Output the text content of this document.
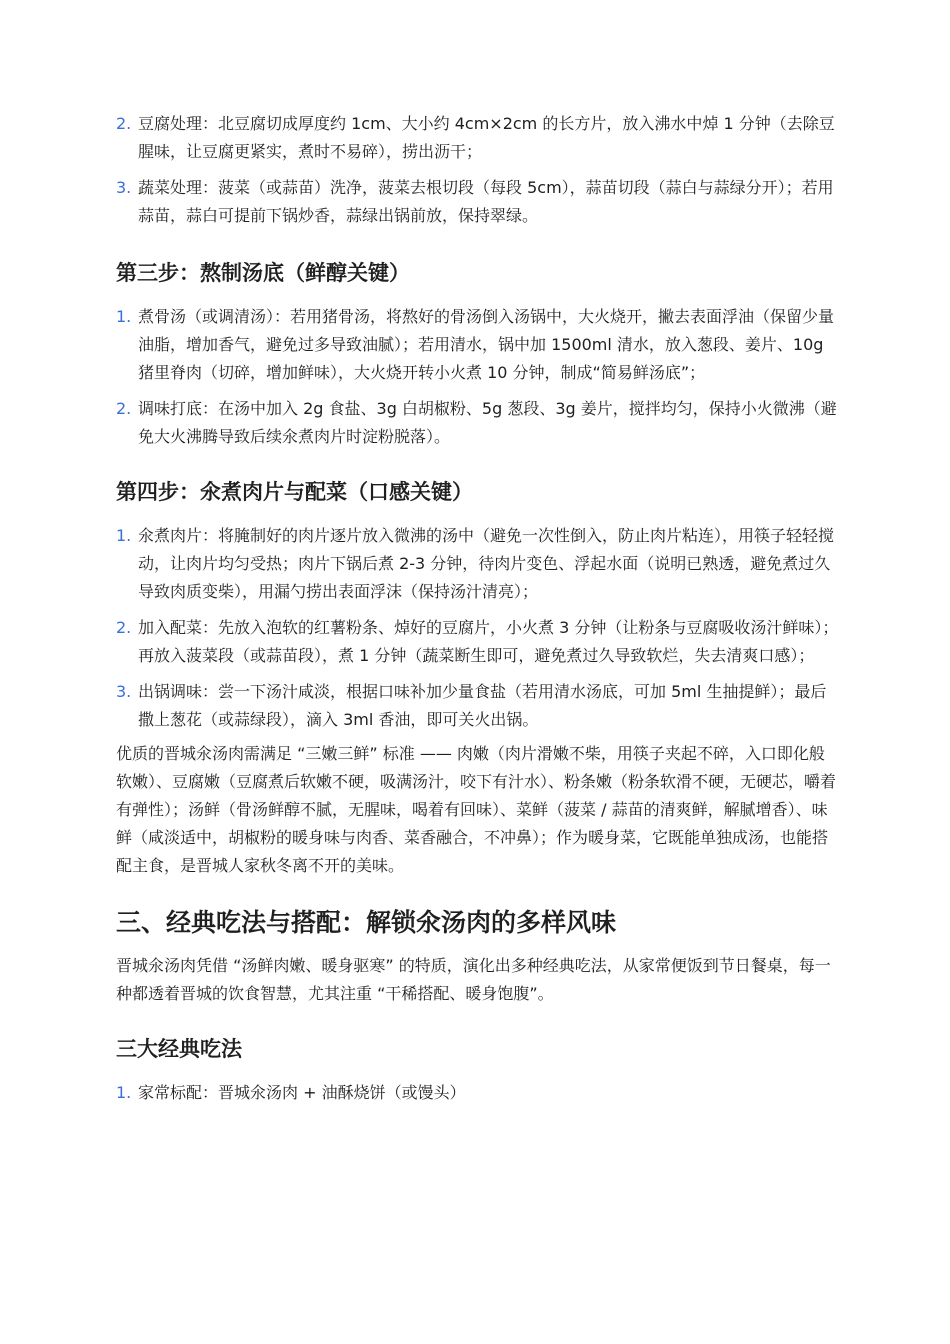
2. 豆腐处理：北豆腐切成厚度约 1cm、大小约 4cm×2cm 的长方片，放入沸水中焯 1 分钟（去除豆腥味，让豆腐更紧实，煮时不易碎），捞出沥干；
3. 蔬菜处理：菠菜（或蒜苗）洗净，菠菜去根切段（每段 5cm），蒜苗切段（蒜白与蒜绿分开）；若用蒜苗，蒜白可提前下锅炒香，蒜绿出锅前放，保持翠绿。
第三步：熬制汤底（鲜醇关键）
1. 煮骨汤（或调清汤）：若用猪骨汤，将熬好的骨汤倒入汤锅中，大火烧开，撇去表面浮油（保留少量油脂，增加香气，避免过多导致油腻）；若用清水，锅中加 1500ml 清水，放入葱段、姜片、10g 猪里脊肉（切碎，增加鲜味），大火烧开转小火煮 10 分钟，制成“简易鲜汤底”；
2. 调味打底：在汤中加入 2g 食盐、3g 白胡椒粉、5g 葱段、3g 姜片，搅拌均匀，保持小火微沸（避免大火沸腾导致后续氽煮肉片时淀粉脱落）。
第四步：氽煮肉片与配菜（口感关键）
1. 氽煮肉片：将腌制好的肉片逐片放入微沸的汤中（避免一次性倒入，防止肉片粘连），用筷子轻轻搅动，让肉片均匀受热；肉片下锅后煮 2-3 分钟，待肉片变色、浮起水面（说明已熟透，避免煮过久导致肉质变柴），用漏勺捞出表面浮沫（保持汤汁清亮）；
2. 加入配菜：先放入泡软的红薯粉条、焯好的豆腐片，小火煮 3 分钟（让粉条与豆腐吸收汤汁鲜味）；再放入菠菜段（或蒜苗段），煮 1 分钟（蔬菜断生即可，避免煮过久导致软烂，失去清爽口感）；
3. 出锅调味：尝一下汤汁咸淡，根据口味补加少量食盐（若用清水汤底，可加 5ml 生抽提鲜）；最后撒上葱花（或蒜绿段），滴入 3ml 香油，即可关火出锅。

优质的晋城氽汤肉需满足 “三嫩三鲜” 标准 —— 肉嫩（肉片滑嫩不柴，用筷子夹起不碎，入口即化般软嫩）、豆腐嫩（豆腐煮后软嫩不硬，吸满汤汁，咬下有汁水）、粉条嫩（粉条软滑不硬，无硬芯，嚼着有弹性）；汤鲜（骨汤鲜醇不腻，无腥味，喝着有回味）、菜鲜（菠菜 / 蒜苗的清爽鲜，解腻增香）、味鲜（咸淡适中，胡椒粉的暖身味与肉香、菜香融合，不冲鼻）；作为暖身菜，它既能单独成汤，也能搭配主食，是晋城人家秋冬离不开的美味。

三、经典吃法与搭配：解锁氽汤肉的多样风味

晋城氽汤肉凭借 “汤鲜肉嫩、暖身驱寒” 的特质，演化出多种经典吃法，从家常便饭到节日餐桌，每一种都透着晋城的饮食智慧，尤其注重 “干稀搭配、暖身饱腹”。

三大经典吃法
1. 家常标配：晋城氽汤肉 + 油酥烧饼（或馒头）
